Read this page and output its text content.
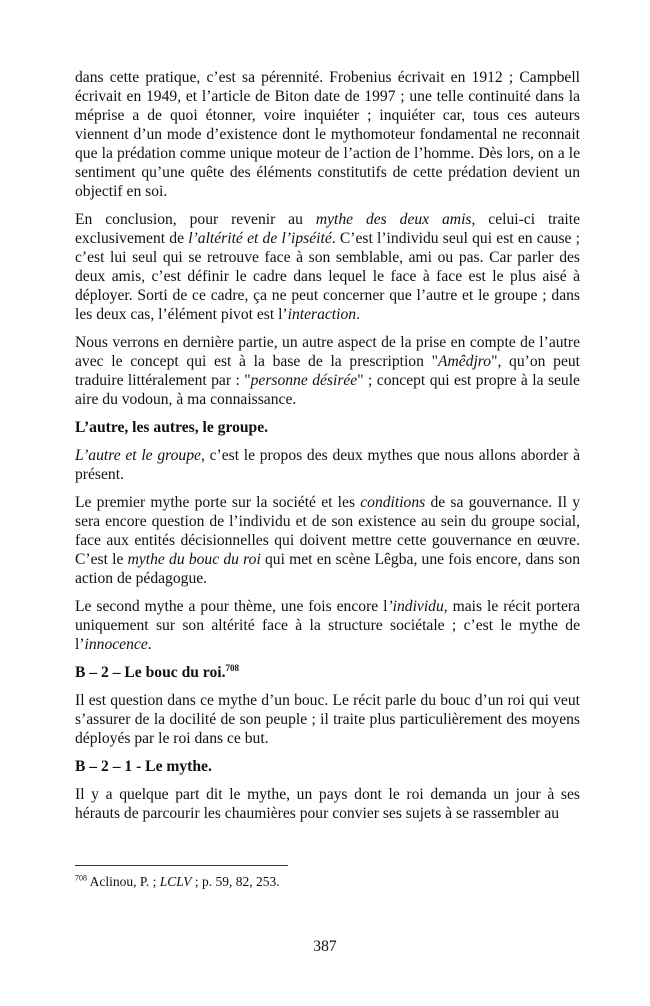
dans cette pratique, c’est sa pérennité. Frobenius écrivait en 1912 ; Campbell écrivait en 1949, et l’article de Biton date de 1997 ; une telle continuité dans la méprise a de quoi étonner, voire inquiéter ; inquiéter car, tous ces auteurs viennent d’un mode d’existence dont le mythomoteur fondamental ne reconnait que la prédation comme unique moteur de l’action de l’homme. Dès lors, on a le sentiment qu’une quête des éléments constitutifs de cette prédation devient un objectif en soi.

En conclusion, pour revenir au mythe des deux amis, celui-ci traite exclusivement de l’altérité et de l’ipséité. C’est l’individu seul qui est en cause ; c’est lui seul qui se retrouve face à son semblable, ami ou pas. Car parler des deux amis, c’est définir le cadre dans lequel le face à face est le plus aisé à déployer. Sorti de ce cadre, ça ne peut concerner que l’autre et le groupe ; dans les deux cas, l’élément pivot est l’interaction.

Nous verrons en dernière partie, un autre aspect de la prise en compte de l’autre avec le concept qui est à la base de la prescription "Amêdjro", qu’on peut traduire littéralement par : "personne désirée" ; concept qui est propre à la seule aire du vodoun, à ma connaissance.

L’autre, les autres, le groupe.

L’autre et le groupe, c’est le propos des deux mythes que nous allons aborder à présent.

Le premier mythe porte sur la société et les conditions de sa gouvernance. Il y sera encore question de l’individu et de son existence au sein du groupe social, face aux entités décisionnelles qui doivent mettre cette gouvernance en œuvre. C’est le mythe du bouc du roi qui met en scène Lêgba, une fois encore, dans son action de pédagogue.

Le second mythe a pour thème, une fois encore l’individu, mais le récit portera uniquement sur son altérité face à la structure sociétale ; c’est le mythe de l’innocence.

B – 2 – Le bouc du roi.$^{708}$

Il est question dans ce mythe d’un bouc. Le récit parle du bouc d’un roi qui veut s’assurer de la docilité de son peuple ; il traite plus particulièrement des moyens déployés par le roi dans ce but.

B – 2 – 1 - Le mythe.

Il y a quelque part dit le mythe, un pays dont le roi demanda un jour à ses hérauts de parcourir les chaumières pour convier ses sujets à se rassembler au

$^{708}$ Aclinou, P. ; LCLV ; p. 59, 82, 253.
387
